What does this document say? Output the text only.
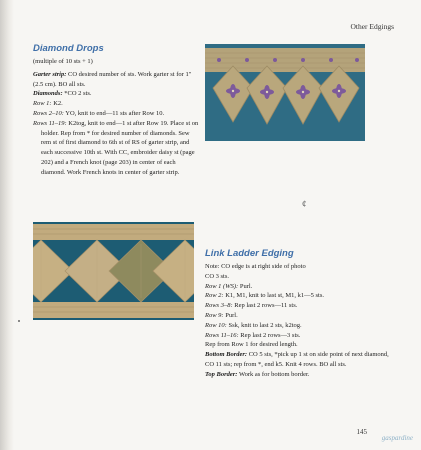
Other Edgings
Diamond Drops

(multiple of 10 sts + 1)

Garter strip: CO desired number of sts. Work garter st for 1" (2.5 cm). BO all sts.

Diamonds: *CO 2 sts.

Row 1: K2.

Rows 2–10: YO, knit to end—11 sts after Row 10.

Rows 11–19: K2tog, knit to end—1 st after Row 19. Place st on holder. Rep from * for desired number of diamonds. Sew rem st of first diamond to 6th st of RS of garter strip, and each successive 10th st. With CC, embroider daisy st (page 202) and a French knot (page 203) in center of each diamond. Work French knots in center of garter strip.

¢
Link Ladder Edging

Note: CO edge is at right side of photo

CO 3 sts.

Row 1 (WS): Purl.

Row 2: K1, M1, knit to last st, M1, k1—5 sts.

Rows 3–8: Rep last 2 rows—11 sts.

Row 9: Purl.

Row 10: Ssk, knit to last 2 sts, k2tog.

Rows 11–16: Rep last 2 rows—3 sts.

Rep from Row 1 for desired length.

Bottom Border: CO 5 sts, *pick up 1 st on side point of next diamond, CO 11 sts; rep from *, end k5. Knit 4 rows. BO all sts.

Top Border: Work as for bottom border.

145
gaspardine
